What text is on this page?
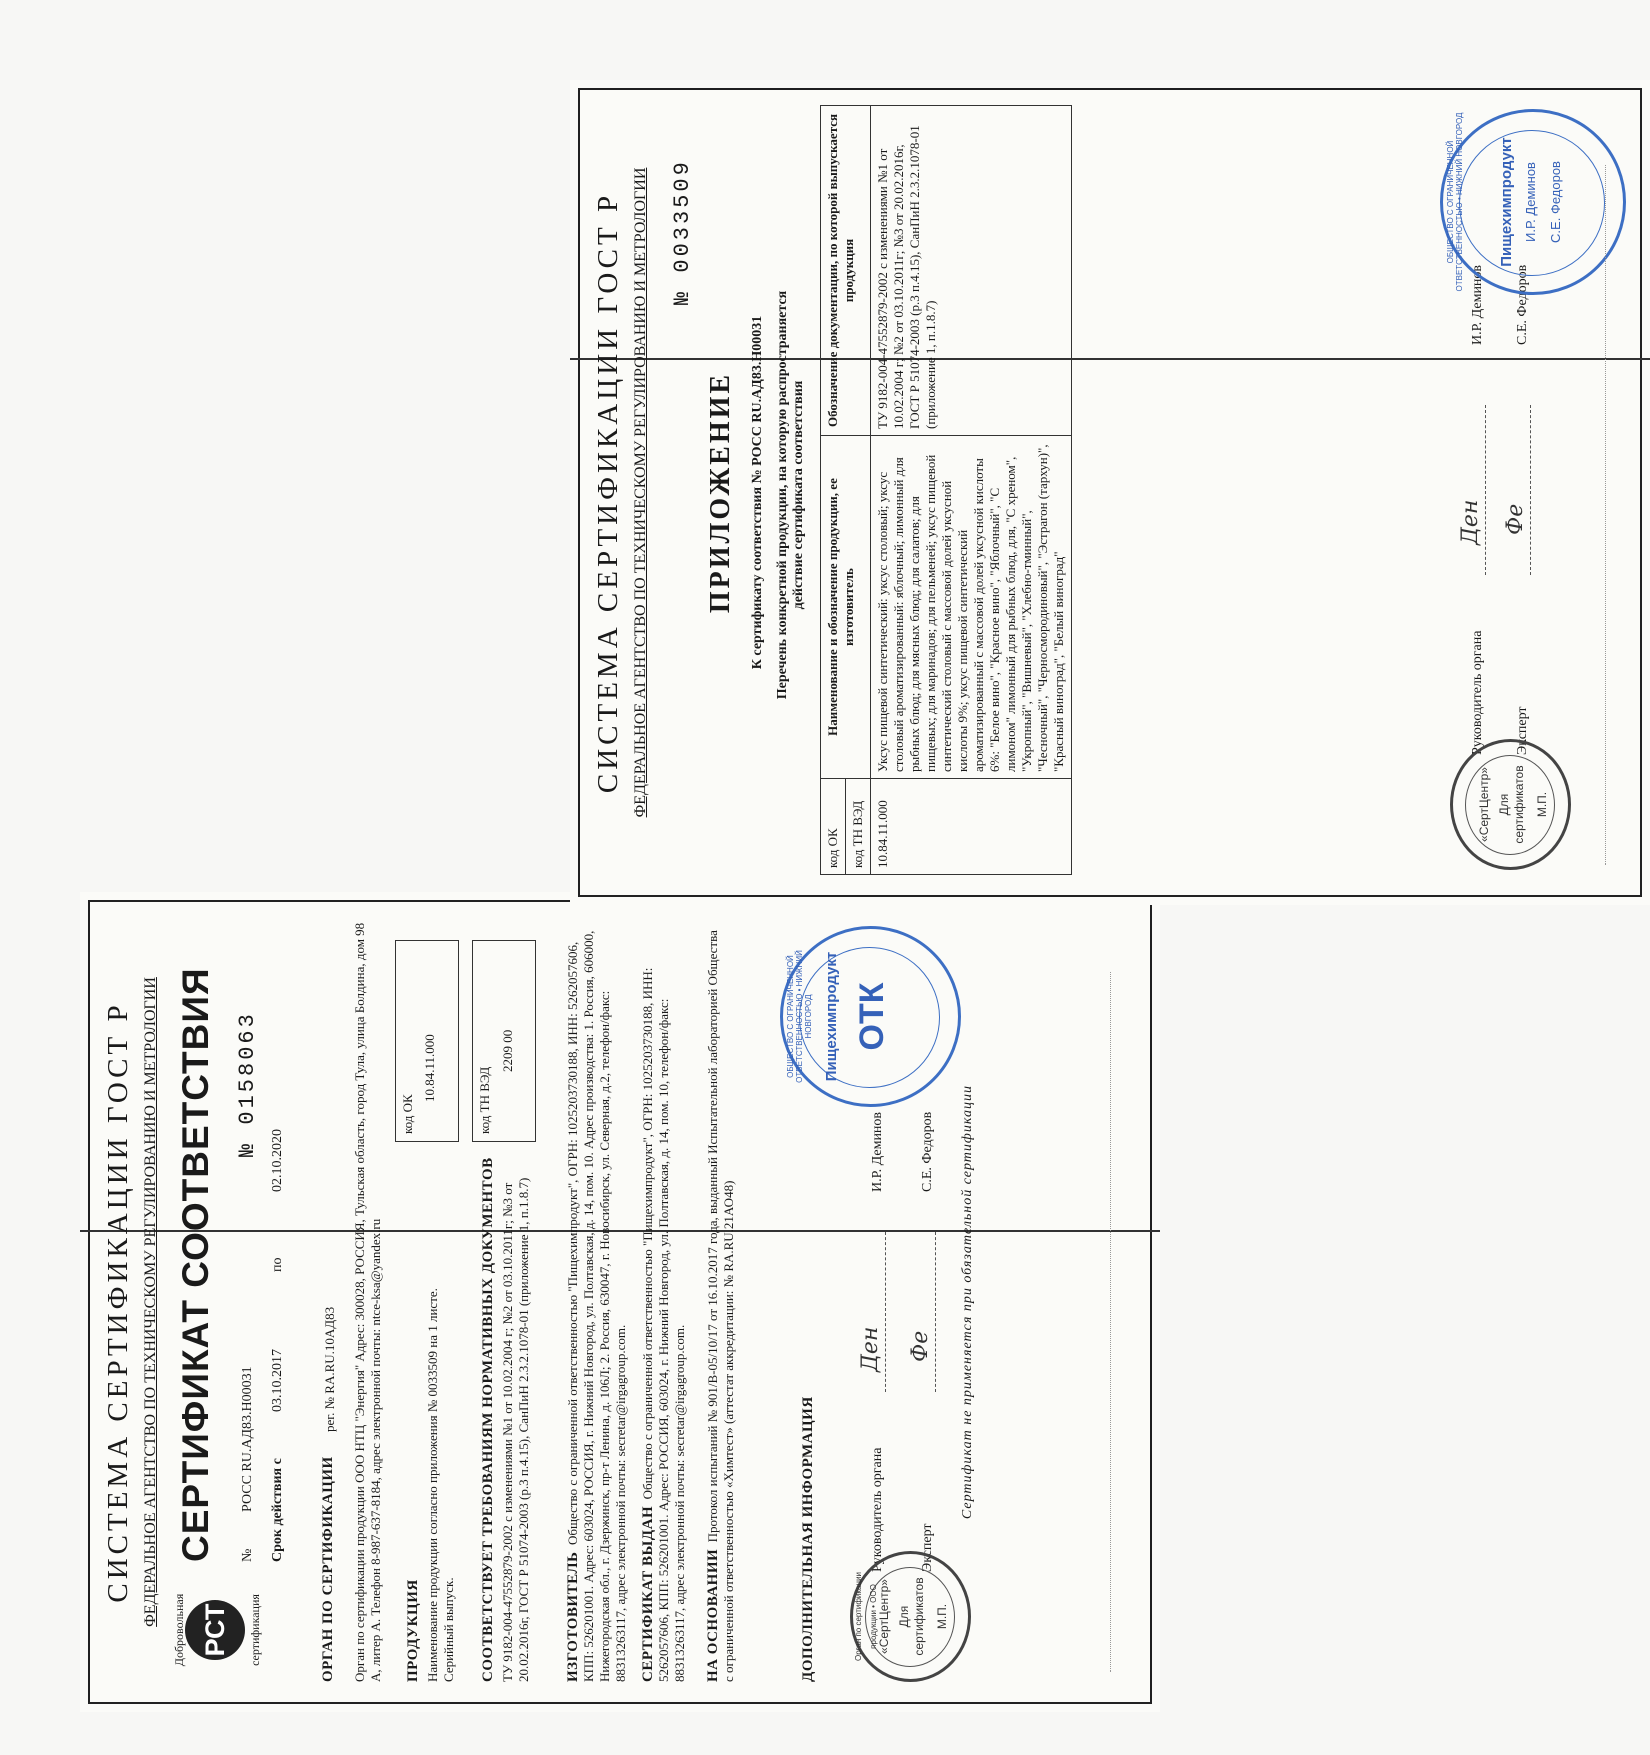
СИСТЕМА СЕРТИФИКАЦИИ ГОСТ Р ФЕДЕРАЛЬНОЕ АГЕНТСТВО ПО ТЕХНИЧЕСКОМУ РЕГУЛИРОВАНИЮ И МЕТРОЛОГИИ
РСТ
Добровольная	сертификация
СЕРТИФИКАТ СООТВЕТСТВИЯ №
РОСС RU.АД83.Н00031 Срок действия с
03.10.2017
по
02.10.2020
№ 0158063
ОРГАН ПО СЕРТИФИКАЦИИ
рег. № RA.RU.10АД83 Орган по сертификации продукции ООО НТЦ "Энергия" Адрес: 300028, РОССИЯ, Тульская область, город Тула, улица Болдина, дом 98 А, литер А. Телефон 8-987-637-8184, адрес электронной почты: ntce-ksa@yandex.ru ПРОДУКЦИЯ Наименование продукции согласно приложения № 0033509 на 1 листе. Серийный выпуск.
код ОК
10.84.11.000
СООТВЕТСТВУЕТ ТРЕБОВАНИЯМ НОРМАТИВНЫХ ДОКУМЕНТОВ ТУ 9182-004-47552879-2002 с изменениями №1 от 10.02.2004 г; №2 от 03.10.2011г; №3 от 20.02.2016г, ГОСТ Р 51074-2003 (р.3 п.4.15), СанПиН 2.3.2.1078-01 (приложение 1, п.1.8.7)
код ТН ВЭД
2209 00
ИЗГОТОВИТЕЛЬ  Общество с ограниченной ответственностью "Пищехимпродукт", ОГРН: 1025203730188, ИНН: 5262057606, КПП: 526201001. Адрес: 603024, РОССИЯ, г. Нижний Новгород, ул. Полтавская, д. 14, пом. 10. Адрес производства: 1. Россия, 606000, Нижегородская обл., г. Дзержинск, пр-т Ленина, д. 106Л; 2. Россия, 630047, г. Новосибирск, ул. Северная, д.2, телефон/факс: 88313263117, адрес электронной почты: secretar@irgagroup.com. СЕРТИФИКАТ ВЫДАН  Общество с ограниченной ответственностью "Пищехимпродукт", ОГРН: 1025203730188, ИНН: 5262057606, КПП: 526201001. Адрес: РОССИЯ, 603024, г. Нижний Новгород, ул. Полтавская, д. 14, пом. 10, телефон/факс: 88313263117, адрес электронной почты: secretar@irgagroup.com. НА ОСНОВАНИИ  Протокол испытаний № 901/В-05/10/17 от 16.10.2017 года, выданный Испытательной лабораторией Общества с ограниченной ответственностью «Химтест» (аттестат аккредитации: № RA.RU.21АО48)	ДОПОЛНИТЕЛЬНАЯ ИНФОРМАЦИЯ	Руководитель органа
Ден
И.Р. Деминов
Эксперт
Фе
С.Е. Федоров Сертификат не применяется при обязательной сертификации
Орган по сертификации продукции • ООО «СертЦентр» Для сертификатов М.П.
ОБЩЕСТВО С ОГРАНИЧЕННОЙ ОТВЕТСТВЕННОСТЬЮ • НИЖНИЙ НОВГОРОД Пищехимпродукт ОТК
СИСТЕМА СЕРТИФИКАЦИИ ГОСТ Р ФЕДЕРАЛЬНОЕ АГЕНТСТВО ПО ТЕХНИЧЕСКОМУ РЕГУЛИРОВАНИЮ И МЕТРОЛОГИИ № 0033509
ПРИЛОЖЕНИЕ К сертификату соответствия № РОСС RU.АД83.Н00031 Перечень конкретной продукции, на которую распространяется действие сертификата соответствия
код ОК код ТН ВЭД	Наименование и обозначение продукции, ее изготовитель	Обозначение документации, по которой выпускается продукция
10.84.11.000	Уксус пищевой синтетический: уксус столовый; уксус столовый ароматизированный: яблочный; лимонный для рыбных блюд; для мясных блюд; для салатов; для пищевых; для маринадов; для пельменей; уксус пищевой синтетический столовый с массовой долей уксусной кислоты 9%; уксус пищевой синтетический ароматизированный с массовой долей уксусной кислоты 6%: "Белое вино", "Красное вино", "Яблочный", "С лимоном" лимонный для рыбных блюд, для, "С хреном", "Укропный", "Вишневый", "Хлебно-тминный", "Чесночный", "Черносмородиновый", "Эстрагон (тархун)", "Красный виноград", "Белый виноград"	ТУ 9182-004-47552879-2002 с изменениями №1 от 10.02.2004 г; №2 от 03.10.2011г; №3 от 20.02.2016г, ГОСТ Р 51074-2003 (р.3 п.4.15), СанПиН 2.3.2.1078-01 (приложение 1, п.1.8.7)
Руководитель органа
Ден
И.Р. Деминов
Эксперт
Фе
С.Е. Федоров
«СертЦентр» Для сертификатов М.П.
ОБЩЕСТВО С ОГРАНИЧЕННОЙ ОТВЕТСТВЕННОСТЬЮ • НИЖНИЙ НОВГОРОД Пищехимпродукт И.Р. Деминов С.Е. Федоров
